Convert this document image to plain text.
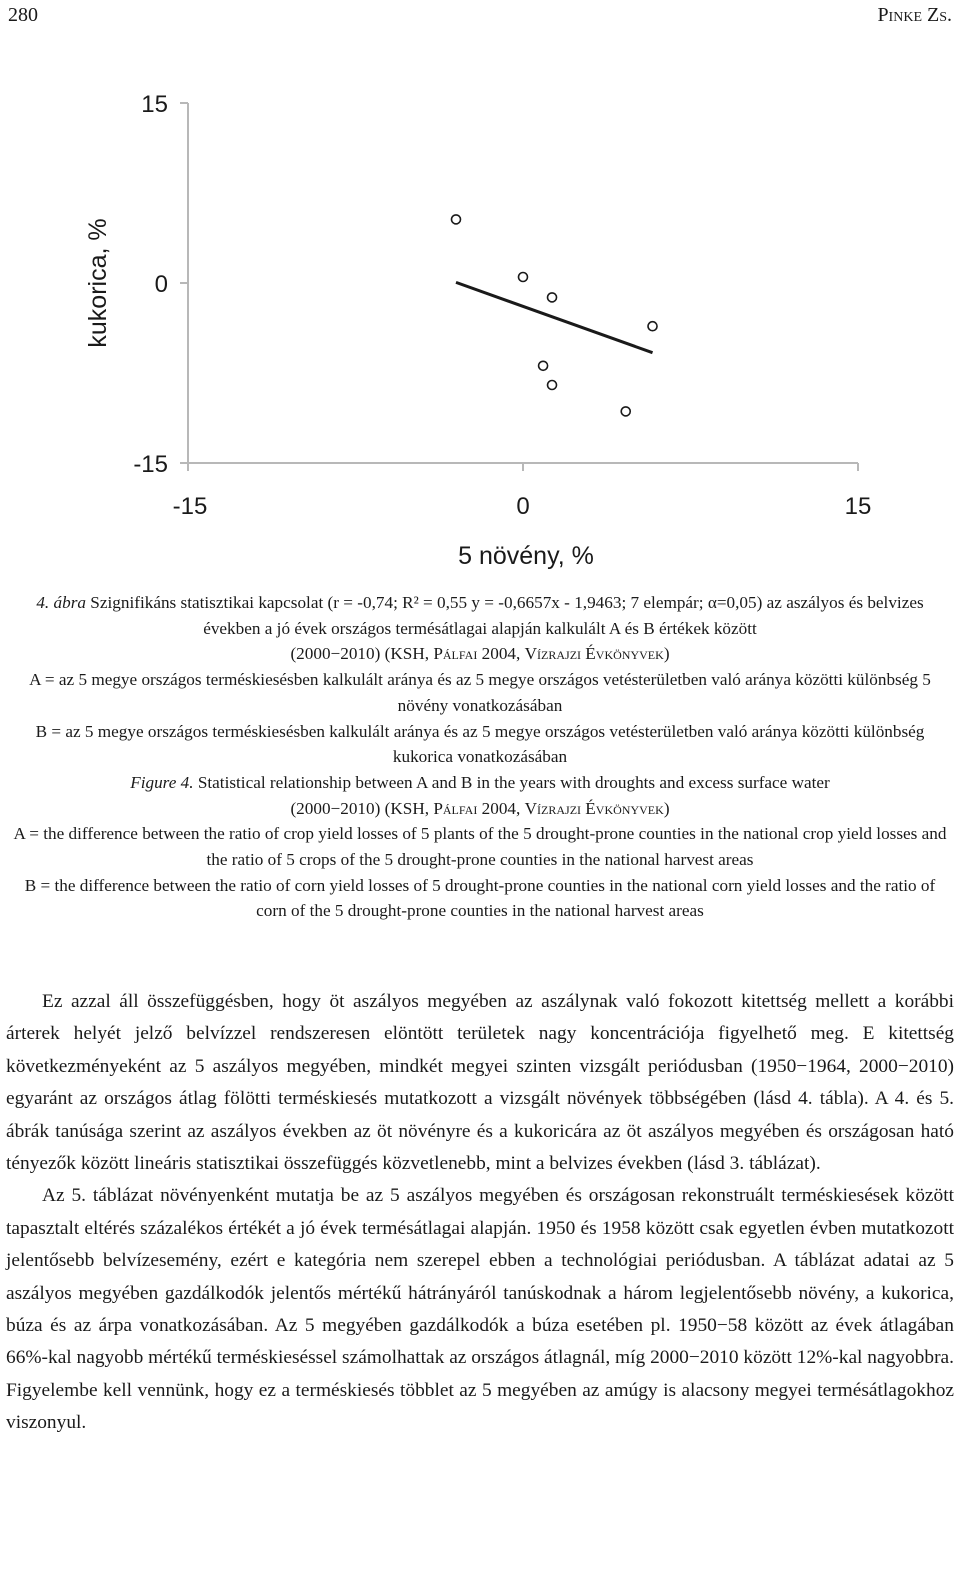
280	Pinke Zs.
15
0
-15
-15	0	15
5 növény, %
kukorica, %

4. ábra Szignifikáns statisztikai kapcsolat (r = -0,74; R² = 0,55 y = -0,6657x - 1,9463; 7 elempár; α=0,05) az aszályos és belvizes években a jó évek országos termésátlagai alapján kalkulált A és B értékek között

(2000−2010) (KSH, Pálfai 2004, Vízrajzi Évkönyvek)

A = az 5 megye országos terméskiesésben kalkulált aránya és az 5 megye országos vetésterületben való aránya közötti különbség 5 növény vonatkozásában

B = az 5 megye országos terméskiesésben kalkulált aránya és az 5 megye országos vetésterületben való aránya közötti különbség kukorica vonatkozásában

Figure 4. Statistical relationship between A and B in the years with droughts and excess surface water

(2000−2010) (KSH, Pálfai 2004, Vízrajzi Évkönyvek)

A = the difference between the ratio of crop yield losses of 5 plants of the 5 drought-prone counties in the national crop yield losses and the ratio of 5 crops of the 5 drought-prone counties in the national harvest areas

B = the difference between the ratio of corn yield losses of 5 drought-prone counties in the national corn yield losses and the ratio of corn of the 5 drought-prone counties in the national harvest areas

Ez azzal áll összefüggésben, hogy öt aszályos megyében az aszálynak való fokozott kitettség mellett a korábbi árterek helyét jelző belvízzel rendszeresen elöntött területek nagy koncentrációja figyelhető meg. E kitettség következményeként az 5 aszályos megyében, mindkét megyei szinten vizsgált periódusban (1950−1964, 2000−2010) egyaránt az országos átlag fölötti terméskiesés mutatkozott a vizsgált növények többségében (lásd 4. tábla). A 4. és 5. ábrák tanúsága szerint az aszályos években az öt növényre és a kukoricára az öt aszályos megyében és országosan ható tényezők között lineáris statisztikai összefüggés közvetlenebb, mint a belvizes években (lásd 3. táblázat).

Az 5. táblázat növényenként mutatja be az 5 aszályos megyében és országosan rekonstruált terméskiesések között tapasztalt eltérés százalékos értékét a jó évek termésátlagai alapján. 1950 és 1958 között csak egyetlen évben mutatkozott jelentősebb belvízesemény, ezért e kategória nem szerepel ebben a technológiai periódusban. A táblázat adatai az 5 aszályos megyében gazdálkodók jelentős mértékű hátrányáról tanúskodnak a három legjelentősebb növény, a kukorica, búza és az árpa vonatkozásában. Az 5 megyében gazdálkodók a búza esetében pl. 1950−58 között az évek átlagában 66%-kal nagyobb mértékű terméskieséssel számolhattak az országos átlagnál, míg 2000−2010 között 12%-kal nagyobbra. Figyelembe kell vennünk, hogy ez a terméskiesés többlet az 5 megyében az amúgy is alacsony megyei termésátlagokhoz viszonyul.
